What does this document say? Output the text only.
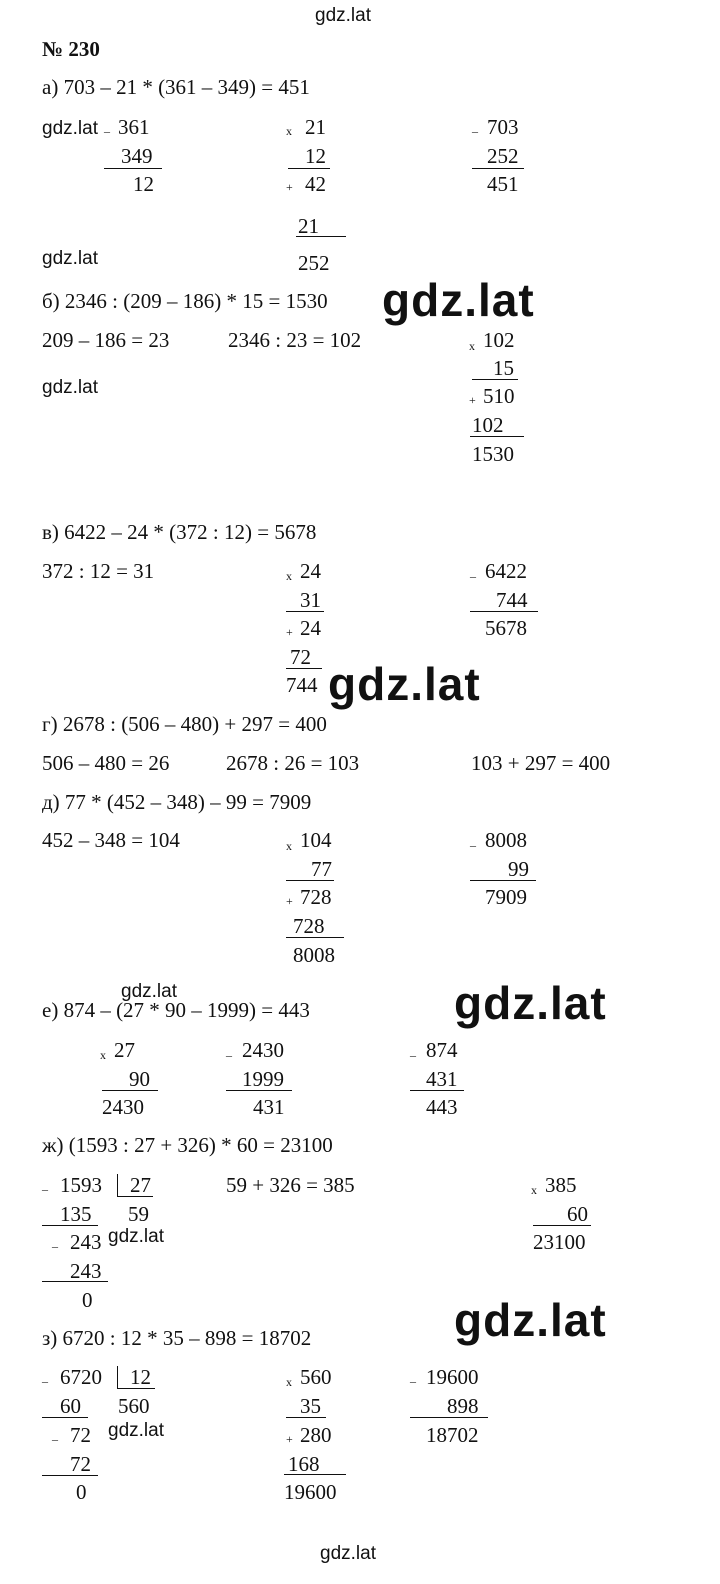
gdz.lat
gdz.lat
gdz.lat
gdz.lat
gdz.lat
gdz.lat
gdz.lat	gdz.lat
gdz.lat
gdz.lat
gdz.lat
gdz.lat
№ 230
а) 703 – 21 * (361 – 349) = 451
_ 361
349
12
x 21
12
+ 42
21
252
_ 703
252
451
б) 2346 : (209 – 186) * 15 = 1530
209 – 186 = 23	2346 : 23 = 102	x 102
15
+ 510
102
1530
в) 6422 – 24 * (372 : 12) = 5678
372 : 12 = 31	x 24
31
+ 24
72
744
_ 6422
744
5678
г) 2678 : (506 – 480) + 297 = 400
506 – 480 = 26	2678 : 26 = 103	103 + 297 = 400
д) 77 * (452 – 348) – 99 = 7909
452 – 348 = 104	x 104
77
+ 728
728
8008
_ 8008
99
7909
е) 874 – (27 * 90 – 1999) = 443
x 27
90
2430
_ 2430
1999
431
_ 874
431
443
ж) (1593 : 27 + 326) * 60 = 23100
_ 1593 27
135 59
_ 243
243
0
59 + 326 = 385	x 385
60
23100
з) 6720 : 12 * 35 – 898 = 18702
_ 6720 12
60 560
_ 72
72
0
x 560
35
+ 280
168
19600
_ 19600
898
18702
